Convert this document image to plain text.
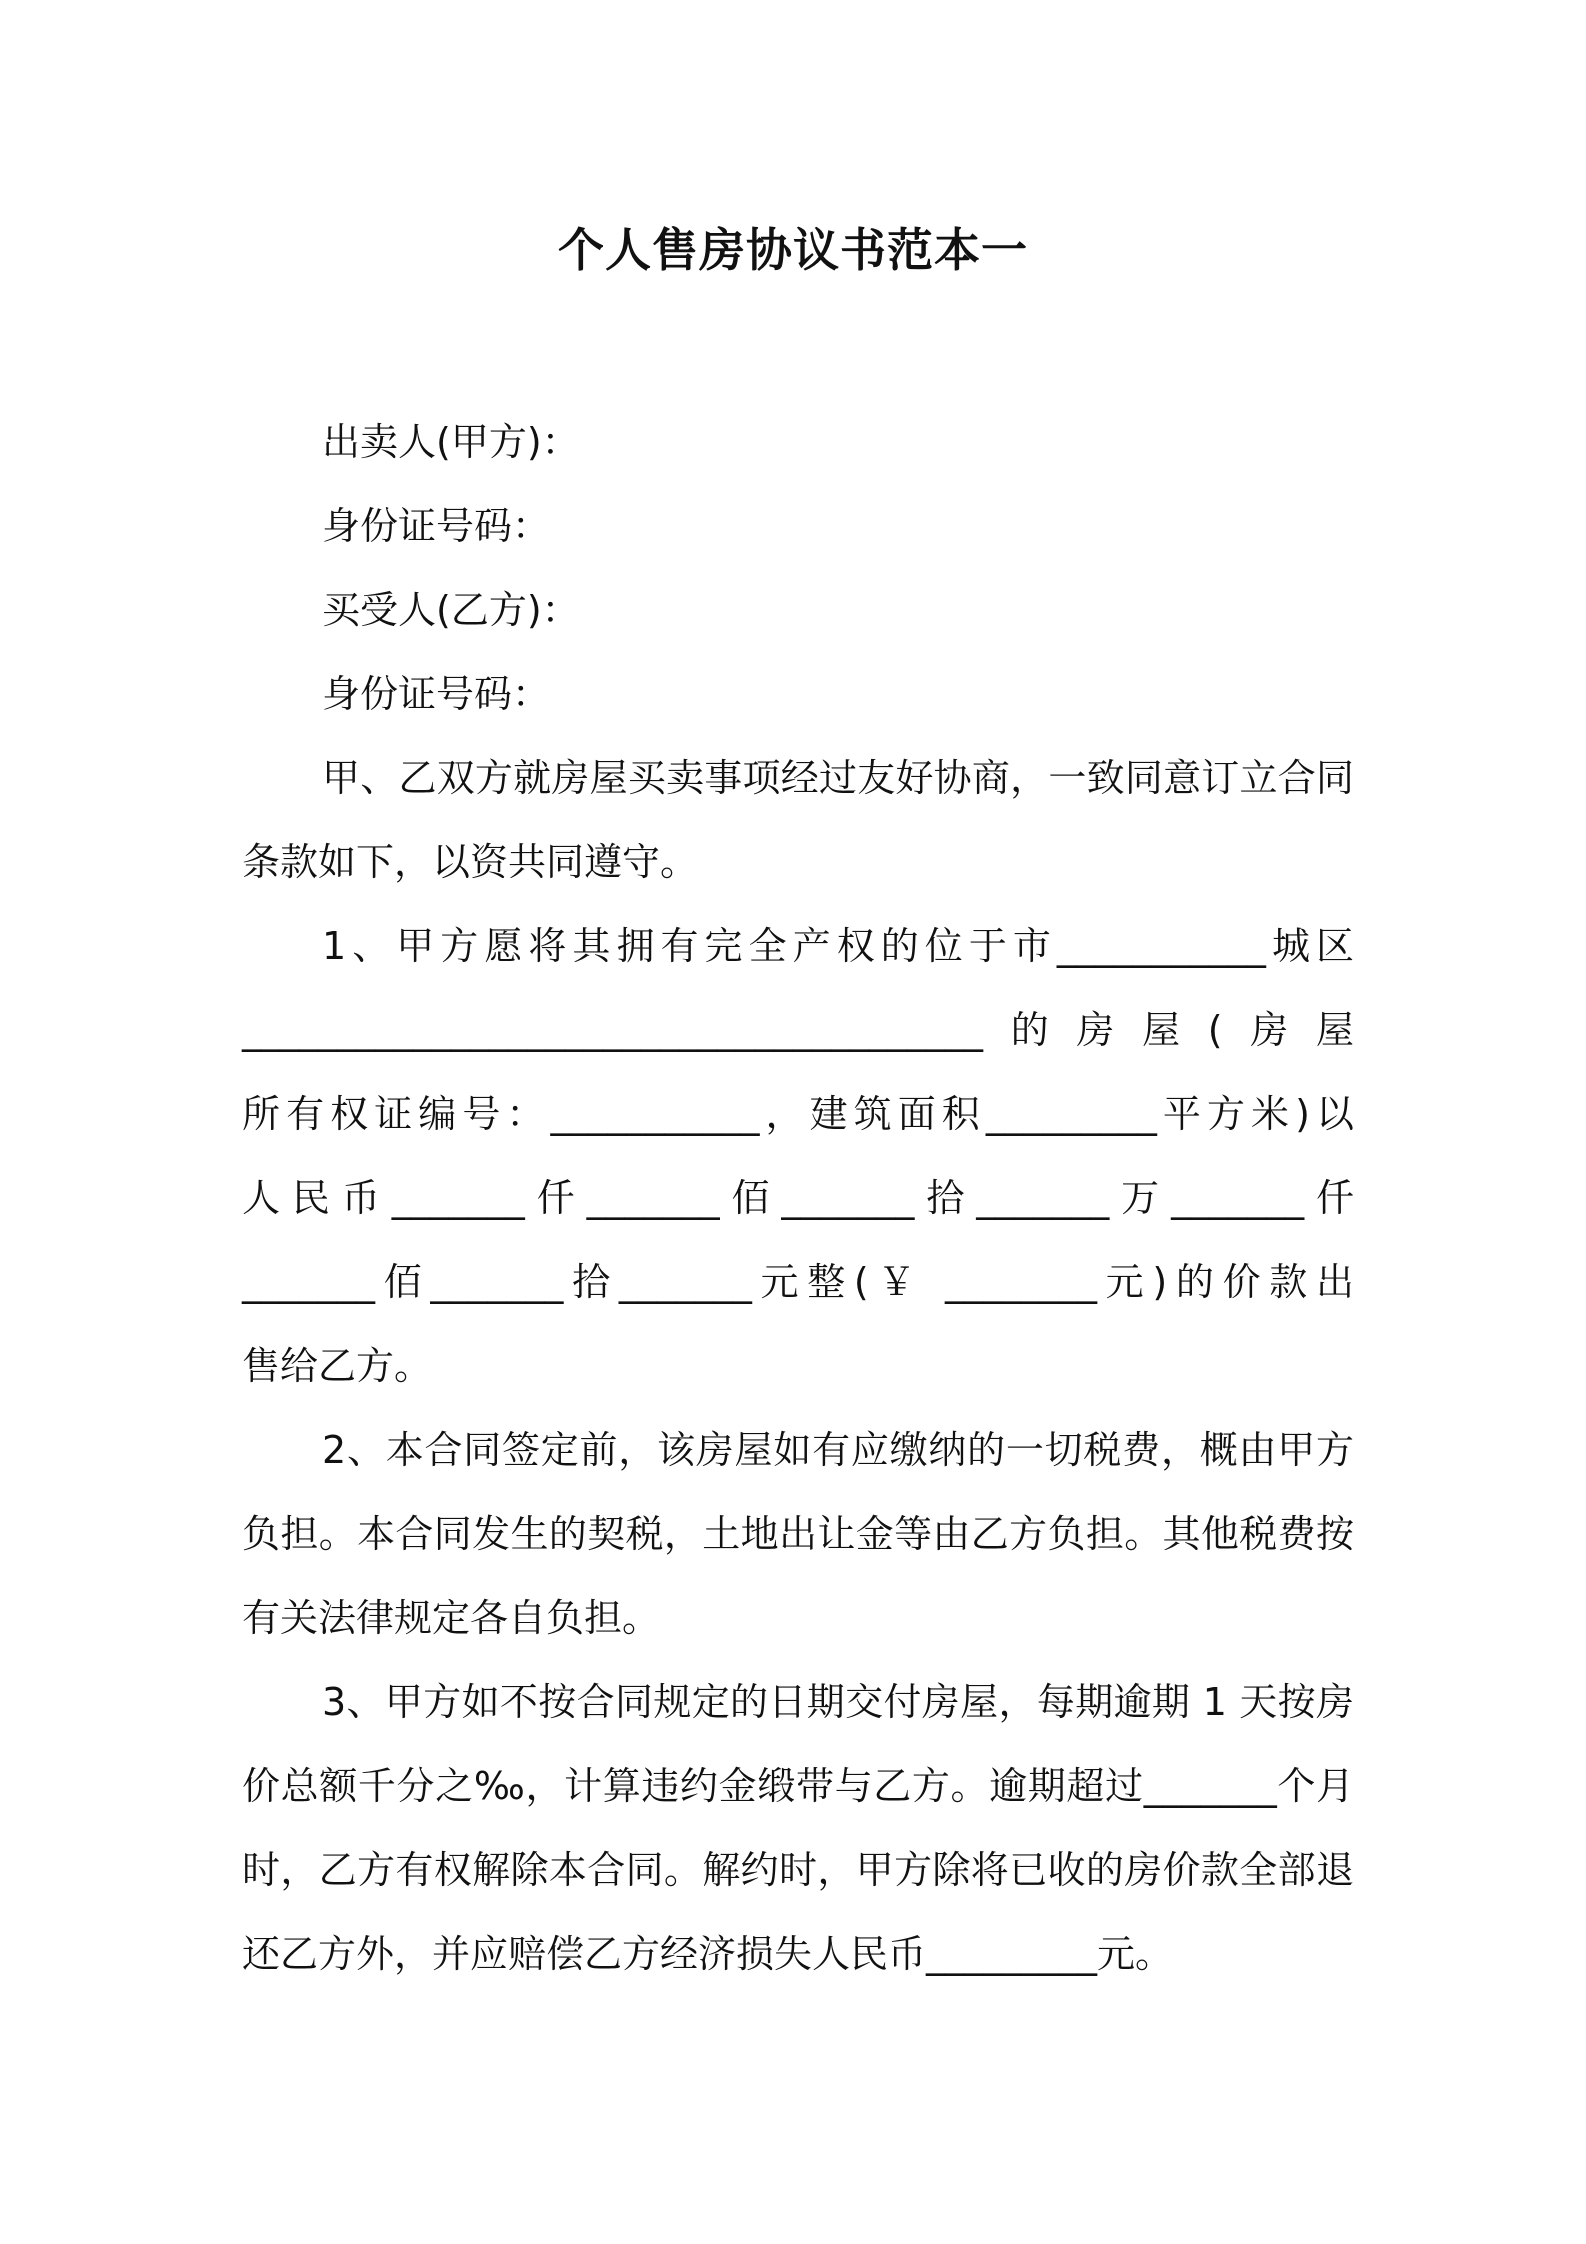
个人售房协议书范本一

出卖人(甲方)：

身份证号码：

买受人(乙方)：

身份证号码：

甲、乙双方就房屋买卖事项经过友好协商，一致同意订立合同条款如下，以资共同遵守。

1、甲方愿将其拥有完全产权的位于市___________城区
_______________________________________的房屋(房屋
所有权证编号：___________，建筑面积_________平方米)以
人民币_______仟_______佰_______拾_______万_______仟
_______佰_______拾_______元整(￥ ________元)的价款出
售给乙方。

2、本合同签定前，该房屋如有应缴纳的一切税费，概由甲方负担。本合同发生的契税，土地出让金等由乙方负担。其他税费按有关法律规定各自负担。

3、甲方如不按合同规定的日期交付房屋，每期逾期 1 天按房价总额千分之‰，计算违约金缎带与乙方。逾期超过_______个月时，乙方有权解除本合同。解约时，甲方除将已收的房价款全部退还乙方外，并应赔偿乙方经济损失人民币_________元。
